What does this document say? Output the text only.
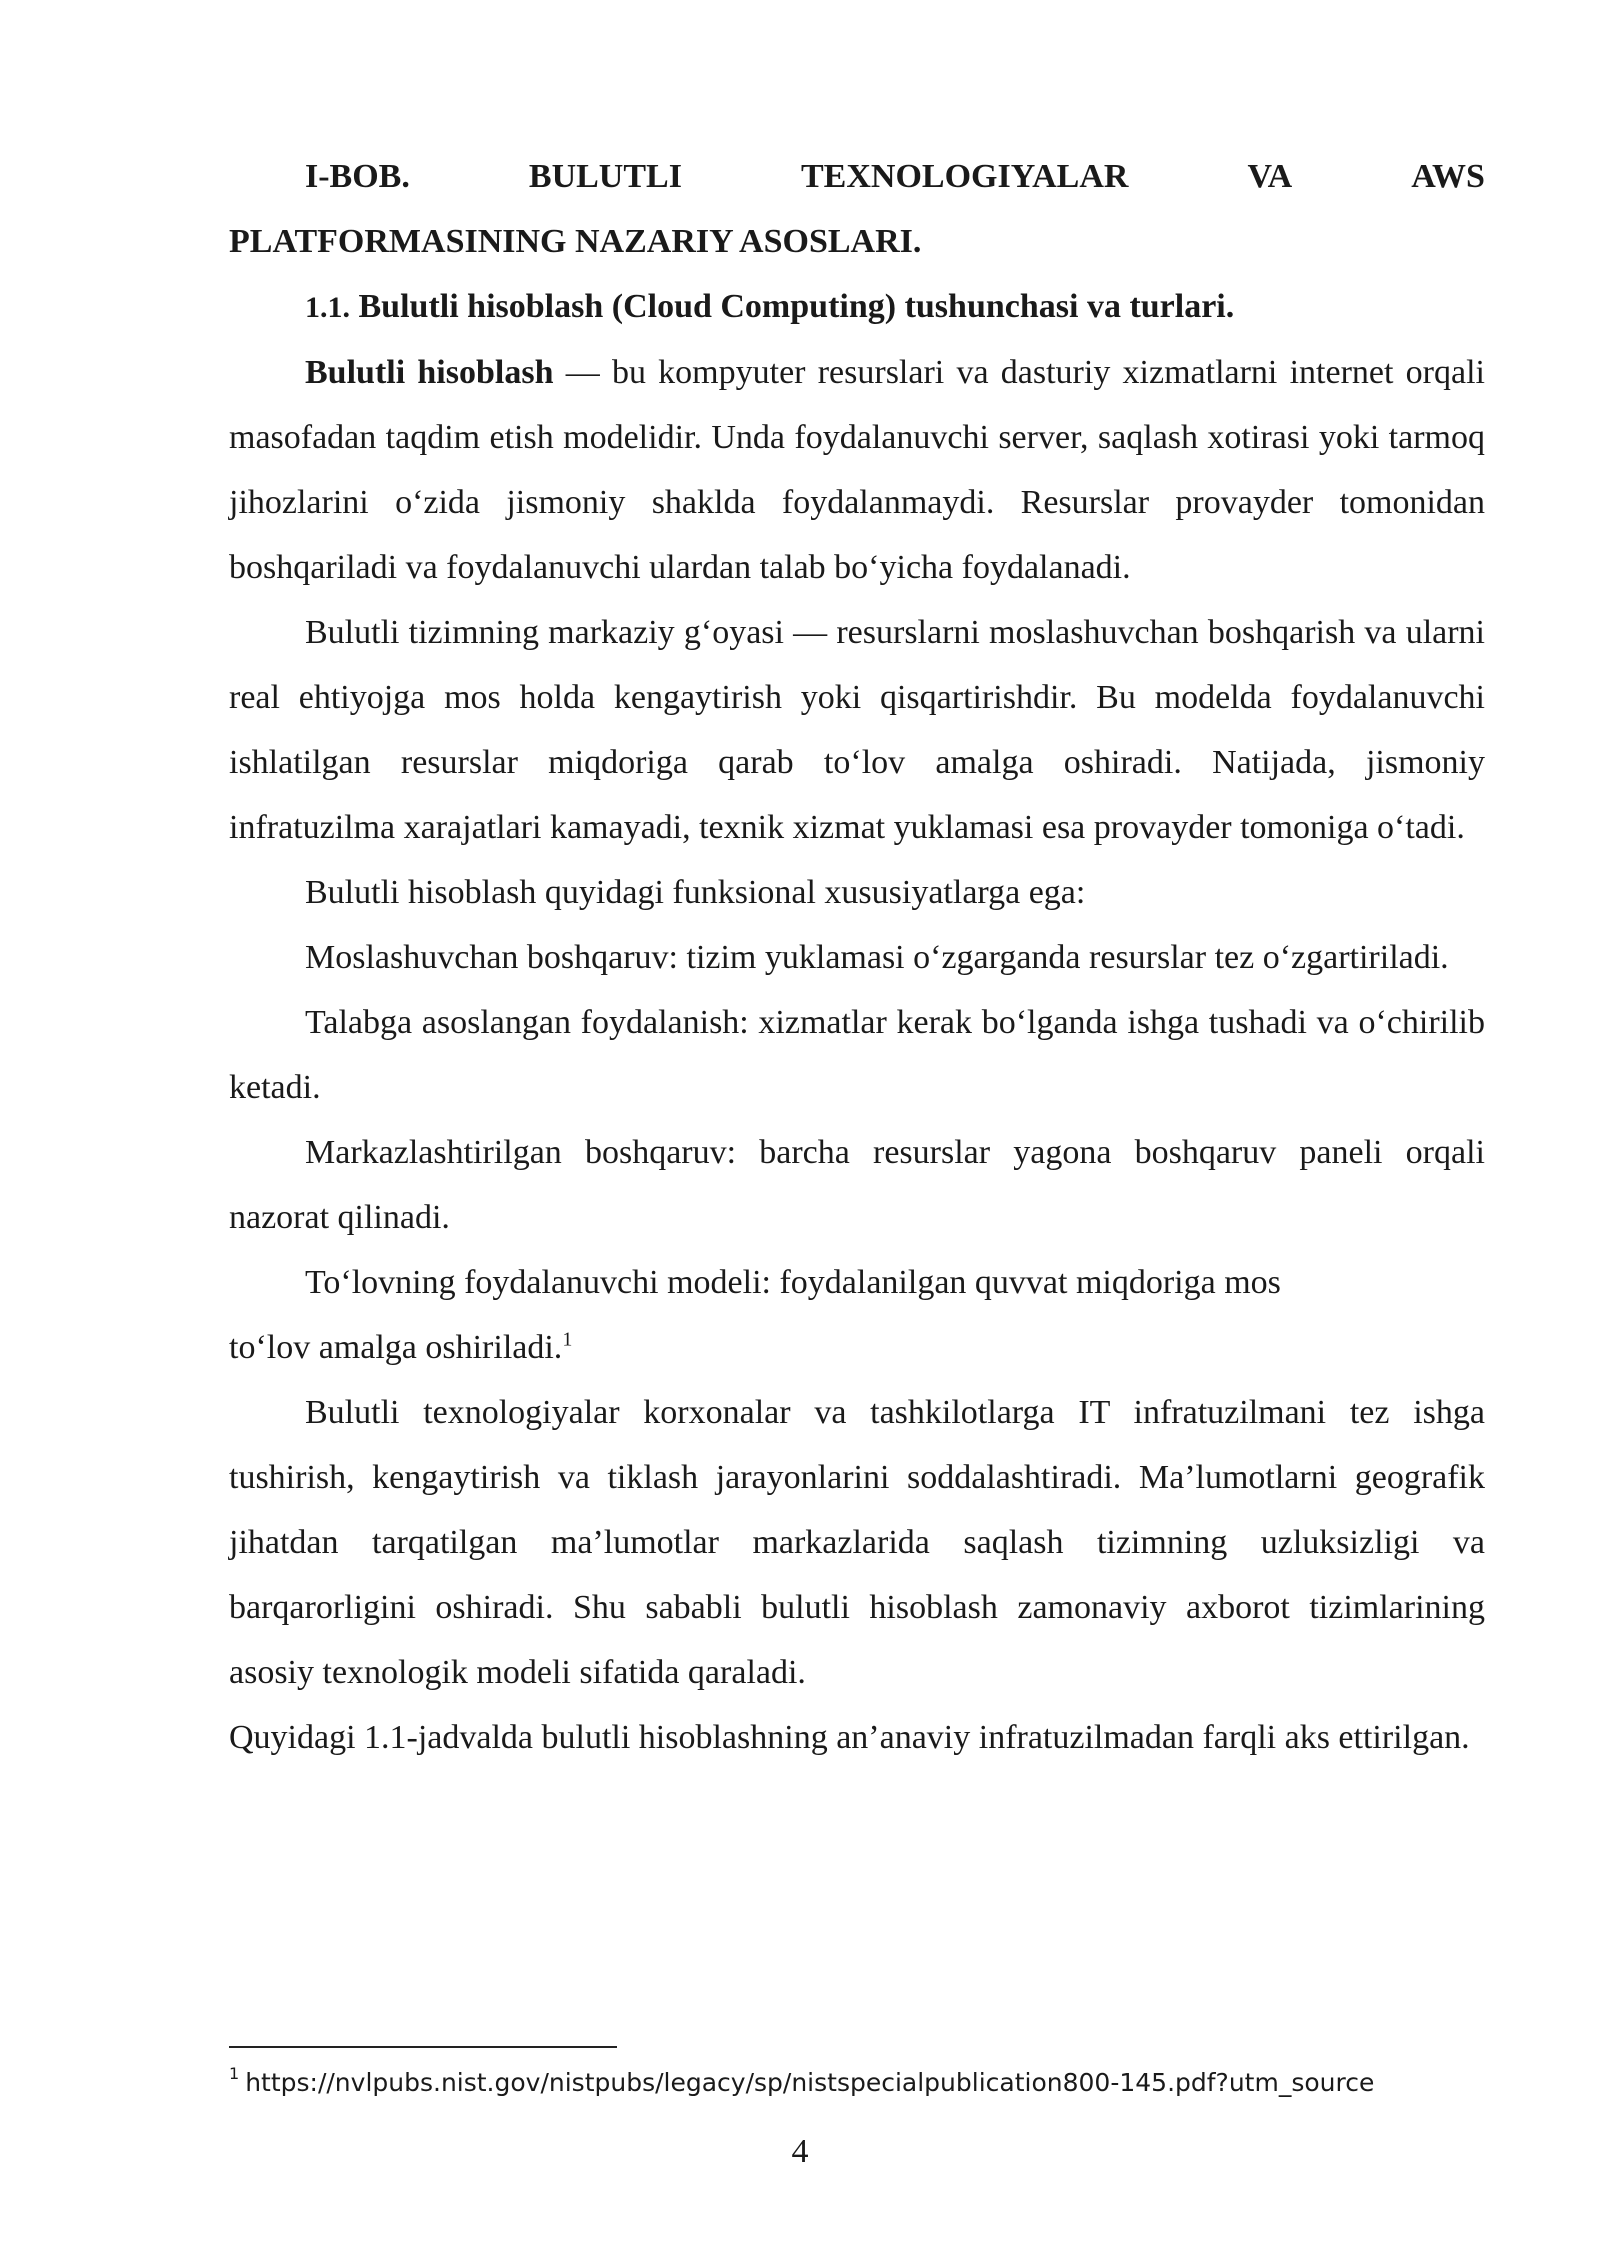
I-BOB.	BULUTLI	TEXNOLOGIYALAR	VA	AWS
PLATFORMASINING NAZARIY ASOSLARI.

1.1. Bulutli hisoblash (Cloud Computing) tushunchasi va turlari.

Bulutli hisoblash — bu kompyuter resurslari va dasturiy xizmatlarni internet orqali masofadan taqdim etish modelidir. Unda foydalanuvchi server, saqlash xotirasi yoki tarmoq jihozlarini o‘zida jismoniy shaklda foydalanmaydi. Resurslar provayder tomonidan boshqariladi va foydalanuvchi ulardan talab bo‘yicha foydalanadi.

Bulutli tizimning markaziy g‘oyasi — resurslarni moslashuvchan boshqarish va ularni real ehtiyojga mos holda kengaytirish yoki qisqartirishdir. Bu modelda foydalanuvchi ishlatilgan resurslar miqdoriga qarab to‘lov amalga oshiradi. Natijada, jismoniy infratuzilma xarajatlari kamayadi, texnik xizmat yuklamasi esa provayder tomoniga o‘tadi.

Bulutli hisoblash quyidagi funksional xususiyatlarga ega:

Moslashuvchan boshqaruv: tizim yuklamasi o‘zgarganda resurslar tez o‘zgartiriladi.

Talabga asoslangan foydalanish: xizmatlar kerak bo‘lganda ishga tushadi va o‘chirilib ketadi.

Markazlashtirilgan boshqaruv: barcha resurslar yagona boshqaruv paneli orqali nazorat qilinadi.

To‘lovning foydalanuvchi modeli: foydalanilgan quvvat miqdoriga mos
to‘lov amalga oshiriladi.$^1$

Bulutli texnologiyalar korxonalar va tashkilotlarga IT infratuzilmani tez ishga tushirish, kengaytirish va tiklash jarayonlarini soddalashtiradi. Ma’lumotlarni geografik jihatdan tarqatilgan ma’lumotlar markazlarida saqlash tizimning uzluksizligi va barqarorligini oshiradi. Shu sababli bulutli hisoblash zamonaviy axborot tizimlarining asosiy texnologik modeli sifatida qaraladi.

Quyidagi 1.1-jadvalda bulutli hisoblashning an’anaviy infratuzilmadan farqli aks ettirilgan.

$^1$ https://nvlpubs.nist.gov/nistpubs/legacy/sp/nistspecialpublication800-145.pdf?utm_source
4
